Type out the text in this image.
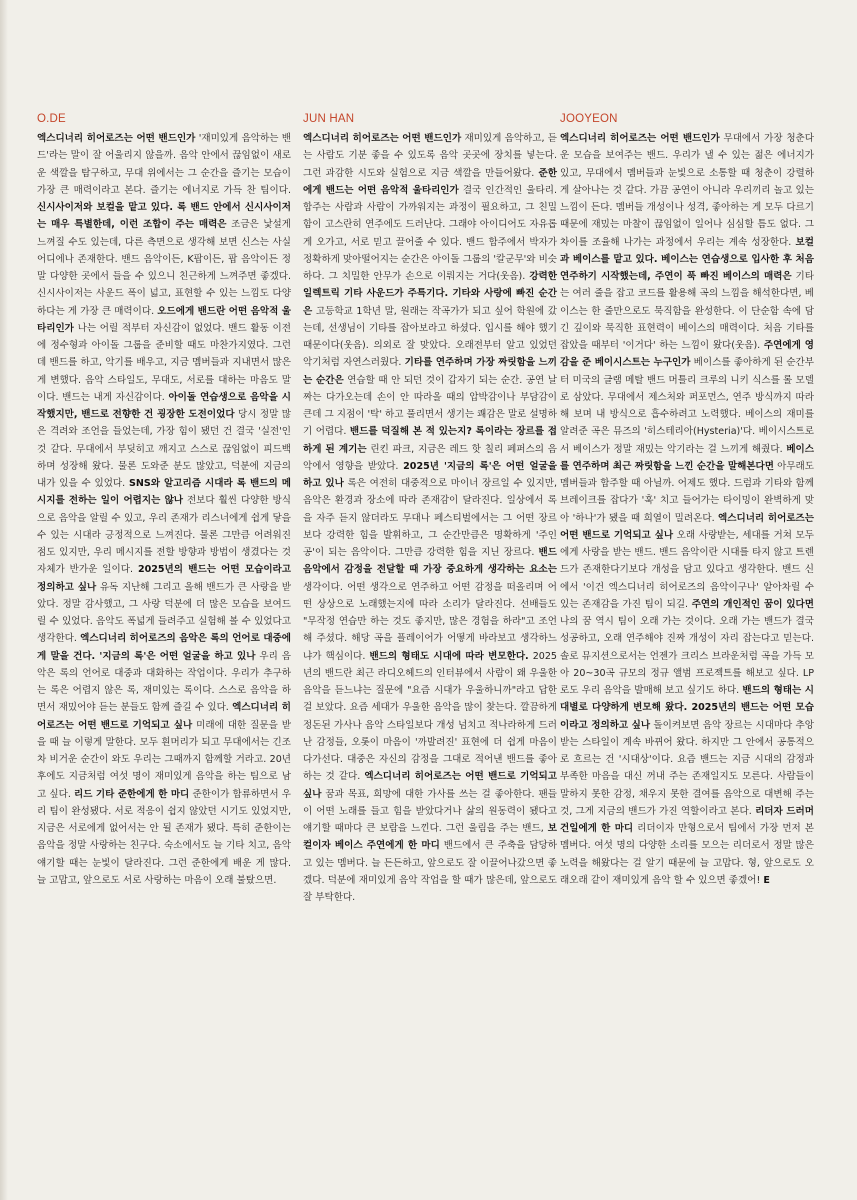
O.DE
엑스디너리 히어로즈는 어떤 밴드인가 '재미있게 음악하는 밴드'라는 말이 잘 어울리지 않을까. 음악 안에서 끊임없이 새로운 색깔을 탐구하고, 무대 위에서는 그 순간을 즐기는 모습이 가장 큰 매력이라고 본다. 즐기는 에너지로 가득 찬 팀이다. 신시사이저와 보컬을 맡고 있다. 록 밴드 안에서 신시사이저는 매우 특별한데, 이런 조합이 주는 매력은 조금은 낯설게 느껴질 수도 있는데, 다른 측면으로 생각해 보면 신스는 사실 어디에나 존재한다. 밴드 음악이든, K팝이든, 팝 음악이든 정말 다양한 곳에서 들을 수 있으니 친근하게 느껴주면 좋겠다. 신시사이저는 사운드 폭이 넓고, 표현할 수 있는 느낌도 다양하다는 게 가장 큰 매력이다. 오드에게 밴드란 어떤 음악적 울타리인가 나는 어릴 적부터 자신감이 없었다. 밴드 활동 이전에 정수형과 아이돌 그룹을 준비할 때도 마찬가지였다. 그런데 밴드를 하고, 악기를 배우고, 지금 멤버들과 지내면서 많은 게 변했다. 음악 스타일도, 무대도, 서로를 대하는 마음도 말이다. 밴드는 내게 자신감이다. 아이돌 연습생으로 음악을 시작했지만, 밴드로 전향한 건 굉장한 도전이었다 당시 정말 많은 격려와 조언을 들었는데, 가장 힘이 됐던 건 결국 '실전'인 것 같다. 무대에서 부딪히고 깨지고 스스로 끊임없이 피드백하며 성장해 왔다. 물론 도와준 분도 많았고, 덕분에 지금의 내가 있을 수 있었다. SNS와 알고리즘 시대라 록 밴드의 메시지를 전하는 일이 어렵지는 않나 전보다 훨씬 다양한 방식으로 음악을 알릴 수 있고, 우리 존재가 리스너에게 쉽게 닿을 수 있는 시대라 긍정적으로 느껴진다. 물론 그만큼 어려워진 점도 있지만, 우리 메시지를 전할 방향과 방법이 생겼다는 것 자체가 반가운 일이다. 2025년의 밴드는 어떤 모습이라고 정의하고 싶나 유독 지난해 그리고 올해 밴드가 큰 사랑을 받았다. 정말 감사했고, 그 사랑 덕분에 더 많은 모습을 보여드릴 수 있었다. 음악도 폭넓게 들려주고 실험해 볼 수 있었다고 생각한다. 엑스디너리 히어로즈의 음악은 록의 언어로 대중에게 말을 건다. '지금의 록'은 어떤 얼굴을 하고 있나 우리 음악은 록의 언어로 대중과 대화하는 작업이다. 우리가 추구하는 록은 어렵지 않은 록, 재미있는 록이다. 스스로 음악을 하면서 재밌어야 듣는 분들도 함께 즐길 수 있다. 엑스디너리 히어로즈는 어떤 밴드로 기억되고 싶나 미래에 대한 질문을 받을 때 늘 이렇게 말한다. 모두 흰머리가 되고 무대에서는 긴조차 비거운 순간이 와도 우리는 그때까지 함께할 거라고. 20년 후에도 지금처럼 여섯 명이 재미있게 음악을 하는 팀으로 남고 싶다. 리드 기타 준한에게 한 마디 준한이가 합류하면서 우리 팀이 완성됐다. 서로 적응이 쉽지 않았던 시기도 있었지만, 지금은 서로에게 없어서는 안 될 존재가 됐다. 특히 준한이는 음악을 정말 사랑하는 친구다. 숙소에서도 늘 기타 치고, 음악 얘기할 때는 눈빛이 달라진다. 그런 준한에게 배운 게 많다. 늘 고맙고, 앞으로도 서로 사랑하는 마음이 오래 불탔으면.
JUN HAN
엑스디너리 히어로즈는 어떤 밴드인가 재미있게 음악하고, 듣는 사람도 기분 좋을 수 있도록 음악 곳곳에 장치를 넣는다. 그런 과감한 시도와 실험으로 지금 색깔을 만들어왔다. 준한에게 밴드는 어떤 음악적 울타리인가 결국 인간적인 울타리. 합주는 사람과 사람이 가까워지는 과정이 필요하고, 그 친밀함이 고스란히 연주에도 드러난다. 그래야 아이디어도 자유롭게 오가고, 서로 믿고 끌어줄 수 있다. 밴드 합주에서 박자가 정확하게 맞아떨어지는 순간은 아이돌 그룹의 '칼군무'와 비슷하다. 그 치밀한 안무가 손으로 이뤄지는 거다(웃음). 강력한 일렉트릭 기타 사운드가 주특기다. 기타와 사랑에 빠진 순간은 고등학교 1학년 말, 원래는 작곡가가 되고 싶어 학원에 갔는데, 선생님이 기타를 잡아보라고 하셨다. 입시를 해야 했기 때문이다(웃음). 의외로 잘 맞았다. 오래전부터 알고 있었던 악기처럼 자연스러웠다. 기타를 연주하며 가장 짜릿함을 느끼는 순간은 연습할 때 안 되던 것이 갑자기 되는 순간. 공연 날짜는 다가오는데 손이 안 따라올 때의 압박감이나 부담감이 큰데 그 지점이 '탁' 하고 풀리면서 생기는 쾌감은 말로 설명하기 어렵다. 밴드를 덕질해 본 적 있는지? 록이라는 장르를 접하게 된 계기는 린킨 파크, 지금은 레드 핫 칠리 페퍼스의 음악에서 영향을 받았다. 2025년 '지금의 록'은 어떤 얼굴을 하고 있나 록은 여전히 대중적으로 마이너 장르일 수 있지만, 음악은 환경과 장소에 따라 존재감이 달라진다. 일상에서 록을 자주 듣지 않더라도 무대나 페스티벌에서는 그 어떤 장르보다 강력한 힘을 발휘하고, 그 순간만큼은 명확하게 '주인공'이 되는 음악이다. 그만큼 강력한 힘을 지닌 장르다. 밴드 음악에서 감정을 전달할 때 가장 중요하게 생각하는 요소는 생각이다. 어떤 생각으로 연주하고 어떤 감정을 떠올리며 어떤 상상으로 노래했는지에 따라 소리가 달라진다. 선배들도 "무작정 연습만 하는 것도 좋지만, 많은 경험을 하라"고 조언해 주셨다. 해당 곡을 플레이어가 어떻게 바라보고 생각하느냐가 핵심이다. 밴드의 형태도 시대에 따라 변모한다. 2025년의 밴드란 최근 라디오헤드의 인터뷰에서 사람이 왜 우울한 음악을 듣느냐는 질문에 "요즘 시대가 우울하니까"라고 답한 걸 보았다. 요즘 세대가 우울한 음악을 많이 찾는다. 깔끔하게 정돈된 가사나 음악 스타일보다 개성 넘치고 적나라하게 드러난 감정들, 오롯이 마음이 '까발려진' 표현에 더 쉽게 마음이 다가선다. 대중은 자신의 감정을 그대로 적어낸 밴드를 좋아하는 것 같다. 엑스디너리 히어로즈는 어떤 밴드로 기억되고 싶나 꿈과 목표, 희망에 대한 가사를 쓰는 걸 좋아한다. 팬들이 어떤 노래를 들고 힘을 받았다거나 삶의 원동력이 됐다고 얘기할 때마다 큰 보람을 느낀다. 그런 울림을 주는 밴드, 보컬이자 베이스 주연에게 한 마디 밴드에서 큰 주축을 담당하고 있는 멤버다. 늘 든든하고, 앞으로도 잘 이끌어나갔으면 좋겠다. 덕분에 재미있게 음악 작업을 할 때가 많은데, 앞으로도 잘 부탁한다.
JOOYEON
엑스디너리 히어로즈는 어떤 밴드인가 무대에서 가장 청춘다운 모습을 보여주는 밴드. 우리가 낼 수 있는 젊은 에너지가 있고, 무대에서 멤버들과 눈빛으로 소통할 때 청춘이 강렬하게 살아나는 것 같다. 가끔 공연이 아니라 우리끼리 놀고 있는 느낌이 든다. 멤버들 개성이나 성격, 좋아하는 게 모두 다르기 때문에 재밌는 마찰이 끊임없이 일어나 심심할 틈도 없다. 그 차이를 조율해 나가는 과정에서 우리는 계속 성장한다. 보컬과 베이스를 맡고 있다. 베이스는 연습생으로 입사한 후 처음 연주하기 시작했는데, 주연이 푹 빠진 베이스의 매력은 기타는 여러 줄을 잡고 코드를 활용해 곡의 느낌을 해석한다면, 베이스는 한 줄만으로도 묵직함을 완성한다. 이 단순함 속에 담긴 깊이와 묵직한 표현력이 베이스의 매력이다. 처음 기타를 잡았을 때부터 '이거다' 하는 느낌이 왔다(웃음). 주연에게 영감을 준 베이시스트는 누구인가 베이스를 좋아하게 된 순간부터 미국의 글램 메탈 밴드 머틀리 크루의 니키 식스를 롤 모델로 삼았다. 무대에서 제스처와 퍼포먼스, 연주 방식까지 따라 해 보며 내 방식으로 흡수하려고 노력했다. 베이스의 재미를 알려준 곡은 뮤즈의 '히스테리아(Hysteria)'다. 베이시스트로서 베이스가 정말 재밌는 악기라는 걸 느끼게 해줬다. 베이스를 연주하며 최근 짜릿함을 느낀 순간을 말해본다면 아무래도 멤버들과 합주할 때 아닐까. 어제도 했다. 드럼과 기타와 함께 브레이크를 잡다가 '훅' 치고 들어가는 타이밍이 완벽하게 맞아 '하나'가 됐을 때 희열이 밀려온다. 엑스디너리 히어로즈는 어떤 밴드로 기억되고 싶나 오래 사랑받는, 세대를 거쳐 모두에게 사랑을 받는 밴드. 밴드 음악이란 시대를 타지 않고 트렌드가 존재한다기보다 개성을 담고 있다고 생각한다. 밴드 신에서 '이건 엑스디너리 히어로즈의 음악이구나' 알아차릴 수 있는 존재감을 가진 팀이 되길. 주연의 개인적인 꿈이 있다면 나의 꿈 역시 팀이 오래 가는 것이다. 오래 가는 밴드가 결국 성공하고, 오래 연주해야 진짜 개성이 자리 잡는다고 믿는다. 솔로 뮤지션으로서는 언젠가 크리스 브라운처럼 곡을 가득 모아 20~30곡 규모의 정규 앨범 프로젝트를 해보고 싶다. LP로도 우리 음악을 발매해 보고 싶기도 하다. 밴드의 형태는 시대별로 다양하게 변모해 왔다. 2025년의 밴드는 어떤 모습이라고 정의하고 싶나 돌이켜보면 음악 장르는 시대마다 추앙받는 스타일이 계속 바뀌어 왔다. 하지만 그 안에서 공통적으로 흐르는 건 '시대상'이다. 요즘 밴드는 지금 시대의 감정과 부족한 마음을 대신 꺼내 주는 존재일지도 모른다. 사람들이 말하지 못한 감정, 채우지 못한 결여를 음악으로 대변해 주는 것, 그게 지금의 밴드가 가진 역할이라고 본다. 리더자 드러머 건일에게 한 마디 리더이자 만형으로서 팀에서 가장 먼저 본 멤버다. 여섯 명의 다양한 소리를 모으는 리더로서 정말 많은 노력을 해왔다는 걸 알기 때문에 늘 고맙다. 형, 앞으로도 오래오래 같이 재미있게 음악 할 수 있으면 좋겠어! E
